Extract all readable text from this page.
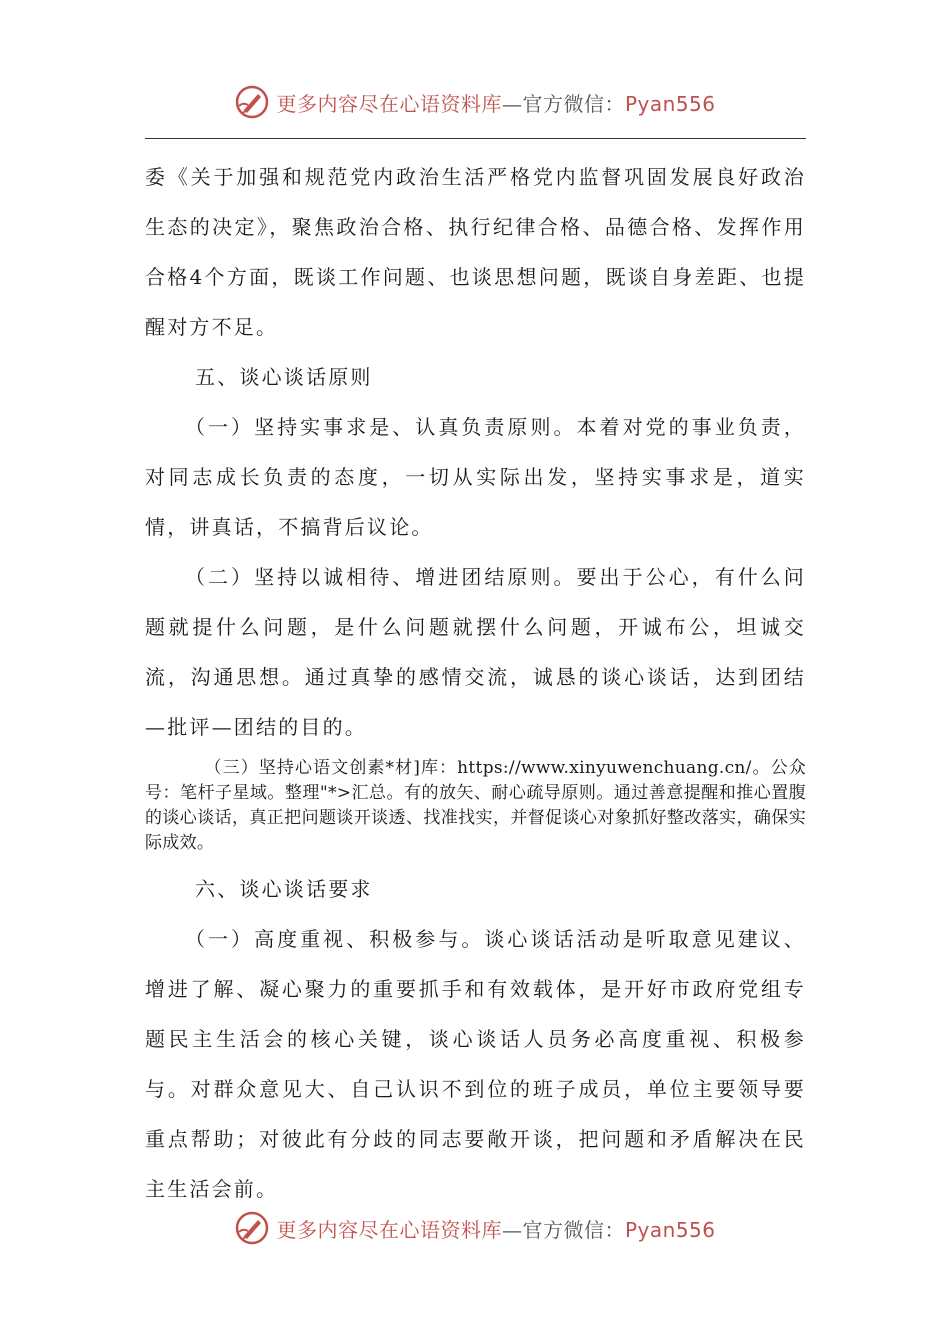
更多内容尽在心语资料库—官方微信：Pyan556

委《关于加强和规范党内政治生活严格党内监督巩固发展良好政治生态的决定》，聚焦政治合格、执行纪律合格、品德合格、发挥作用合格4个方面，既谈工作问题、也谈思想问题，既谈自身差距、也提醒对方不足。

五、谈心谈话原则

（一）坚持实事求是、认真负责原则。本着对党的事业负责，对同志成长负责的态度，一切从实际出发，坚持实事求是，道实情，讲真话，不搞背后议论。

（二）坚持以诚相待、增进团结原则。要出于公心，有什么问题就提什么问题，是什么问题就摆什么问题，开诚布公，坦诚交流，沟通思想。通过真挚的感情交流，诚恳的谈心谈话，达到团结—批评—团结的目的。

（三）坚持心语文创素*材]库：https://www.xinyuwenchuang.cn/。公众号：笔杆子星域。整理"*>汇总。有的放矢、耐心疏导原则。通过善意提醒和推心置腹的谈心谈话，真正把问题谈开谈透、找准找实，并督促谈心对象抓好整改落实，确保实际成效。

六、谈心谈话要求

（一）高度重视、积极参与。谈心谈话活动是听取意见建议、增进了解、凝心聚力的重要抓手和有效载体，是开好市政府党组专题民主生活会的核心关键，谈心谈话人员务必高度重视、积极参与。对群众意见大、自己认识不到位的班子成员，单位主要领导要重点帮助；对彼此有分歧的同志要敞开谈，把问题和矛盾解决在民主生活会前。

更多内容尽在心语资料库—官方微信：Pyan556
